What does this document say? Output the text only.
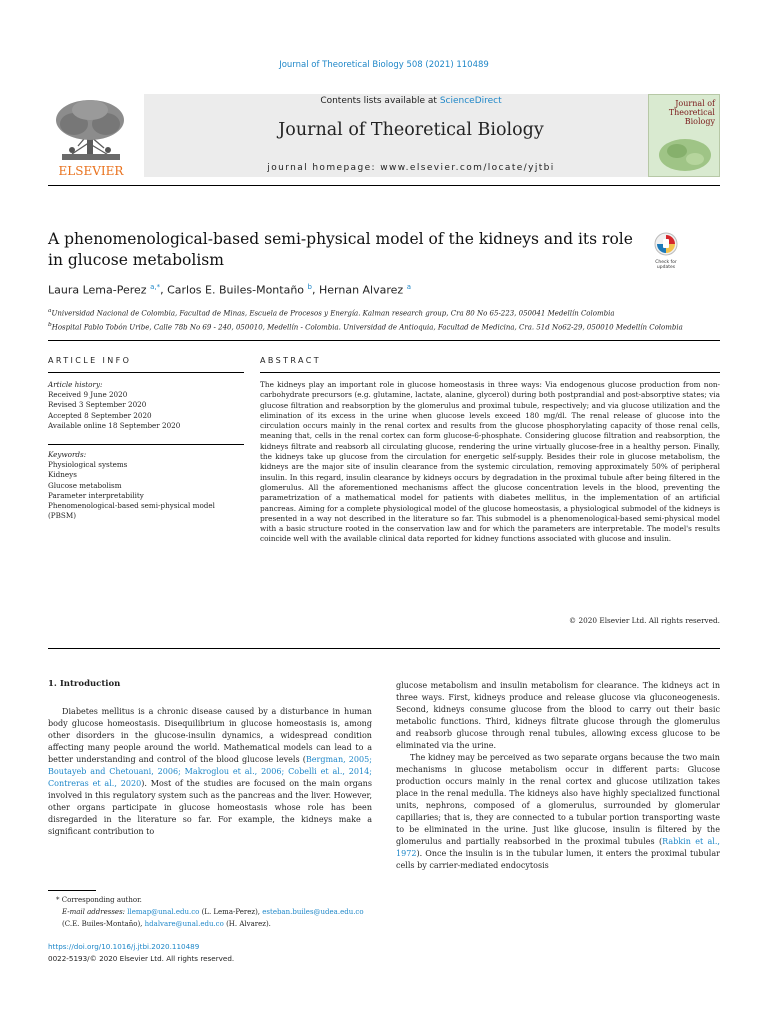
Journal of Theoretical Biology 508 (2021) 110489
ELSEVIER
Contents lists available at ScienceDirect
Journal of Theoretical Biology
journal homepage: www.elsevier.com/locate/yjtbi
Journal of Theoretical Biology
A phenomenological-based semi-physical model of the kidneys and its role in glucose metabolism	Check for updates
Laura Lema-Perez $^{a,*}$, Carlos E. Builes-Montaño $^b$, Hernan Alvarez $^a$
$^a$Universidad Nacional de Colombia, Facultad de Minas, Escuela de Procesos y Energía. Kalman research group, Cra 80 No 65-223, 050041 Medellín Colombia
$^b$Hospital Pablo Tobón Uribe, Calle 78b No 69 - 240, 050010, Medellín - Colombia. Universidad de Antioquia, Facultad de Medicina, Cra. 51d No62-29, 050010 Medellín Colombia
ARTICLE INFO	ABSTRACT
Article history:
Received 9 June 2020
Revised 3 September 2020
Accepted 8 September 2020
Available online 18 September 2020
Keywords:
Physiological systems
Kidneys
Glucose metabolism
Parameter interpretability
Phenomenological-based semi-physical model (PBSM)
The kidneys play an important role in glucose homeostasis in three ways: Via endogenous glucose production from non-carbohydrate precursors (e.g. glutamine, lactate, alanine, glycerol) during both postprandial and post-absorptive states; via glucose filtration and reabsorption by the glomerulus and proximal tubule, respectively; and via glucose utilization and the elimination of its excess in the urine when glucose levels exceed 180 mg/dl. The renal release of glucose into the circulation occurs mainly in the renal cortex and results from the glucose phosphorylating capacity of those renal cells, meaning that, cells in the renal cortex can form glucose-6-phosphate. Considering glucose filtration and reabsorption, the kidneys filtrate and reabsorb all circulating glucose, rendering the urine virtually glucose-free in a healthy person. Finally, the kidneys take up glucose from the circulation for energetic self-supply. Besides their role in glucose metabolism, the kidneys are the major site of insulin clearance from the systemic circulation, removing approximately 50% of peripheral insulin. In this regard, insulin clearance by kidneys occurs by degradation in the proximal tubule after being filtered in the glomerulus. All the aforementioned mechanisms affect the glucose concentration levels in the blood, preventing the parametrization of a mathematical model for patients with diabetes mellitus, in the implementation of an artificial pancreas. Aiming for a complete physiological model of the glucose homeostasis, a physiological submodel of the kidneys is presented in a way not described in the literature so far. This submodel is a phenomenological-based semi-physical model with a basic structure rooted in the conservation law and for which the parameters are interpretable. The model's results coincide well with the available clinical data reported for kidney functions associated with glucose and insulin.
© 2020 Elsevier Ltd. All rights reserved.
1. Introduction

Diabetes mellitus is a chronic disease caused by a disturbance in human body glucose homeostasis. Disequilibrium in glucose homeostasis is, among other disorders in the glucose-insulin dynamics, a widespread condition affecting many people around the world. Mathematical models can lead to a better understanding and control of the blood glucose levels (Bergman, 2005; Boutayeb and Chetouani, 2006; Makroglou et al., 2006; Cobelli et al., 2014; Contreras et al., 2020). Most of the studies are focused on the main organs involved in this regulatory system such as the pancreas and the liver. However, other organs participate in glucose homeostasis whose role has been disregarded in the literature so far. For example, the kidneys make a significant contribution to

glucose metabolism and insulin metabolism for clearance. The kidneys act in three ways. First, kidneys produce and release glucose via gluconeogenesis. Second, kidneys consume glucose from the blood to carry out their basic metabolic functions. Third, kidneys filtrate glucose through the glomerulus and reabsorb glucose through renal tubules, allowing excess glucose to be eliminated via the urine.

The kidney may be perceived as two separate organs because the two main mechanisms in glucose metabolism occur in different parts: Glucose production occurs mainly in the renal cortex and glucose utilization takes place in the renal medulla. The kidneys also have highly specialized functional units, nephrons, composed of a glomerulus, surrounded by glomerular capillaries; that is, they are connected to a tubular portion transporting waste to be eliminated in the urine. Just like glucose, insulin is filtered by the glomerulus and partially reabsorbed in the proximal tubules (Rabkin et al., 1972). Once the insulin is in the tubular lumen, it enters the proximal tubular cells by carrier-mediated endocytosis

* Corresponding author.
E-mail addresses: llemap@unal.edu.co (L. Lema-Perez), esteban.builes@udea.edu.co (C.E. Builes-Montaño), hdalvare@unal.edu.co (H. Alvarez).
https://doi.org/10.1016/j.jtbi.2020.110489
0022-5193/© 2020 Elsevier Ltd. All rights reserved.
